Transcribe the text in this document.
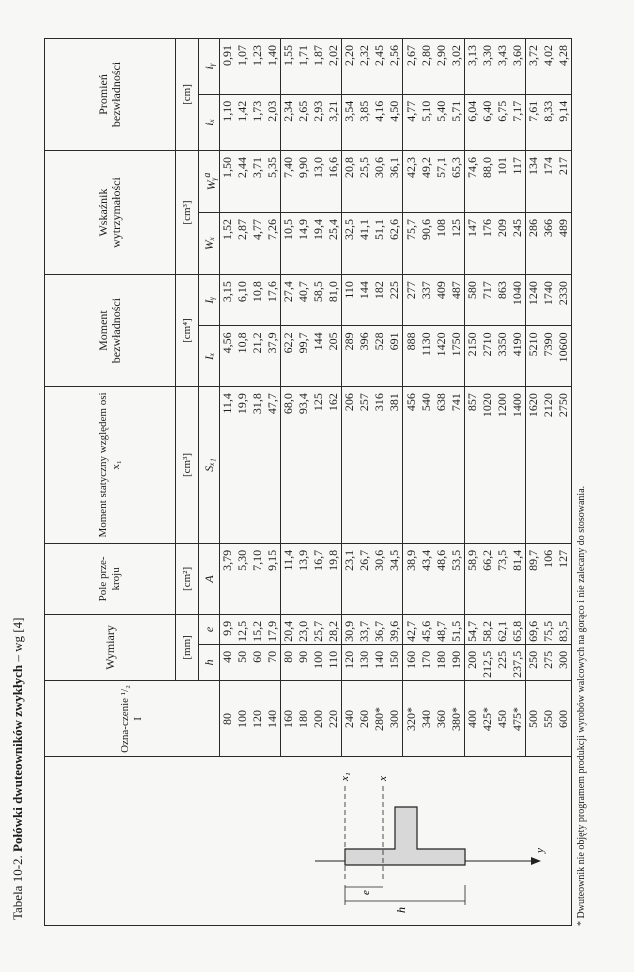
Tabela 10-2. Połówki dwuteowników zwykłych – wg [4]
h
x₁ x
e
y
Ozna-czenie ¹/₂ I	Wymiary		Pole prze-kroju	Moment statyczny względem osi x₁	Moment bezwładności		Wskaźnik wytrzymałości		Promień bezwładności	
	[mm]		[cm²]	[cm³]	[cm⁴]		[cm³]		[cm]	
	h	e	A	Sₓ₁	Iₓ	Iᵧ	Wₓ	Wᵧ$^a$	iₓ	iᵧ
80	40	9,9	3,79	11,4	4,56	3,15	1,52	1,50	1,10	0,91
100	50	12,5	5,30	19,9	10,8	6,10	2,87	2,44	1,42	1,07
120	60	15,2	7,10	31,8	21,2	10,8	4,77	3,71	1,73	1,23
140	70	17,9	9,15	47,7	37,9	17,6	7,26	5,35	2,03	1,40
160	80	20,4	11,4	68,0	62,2	27,4	10,5	7,40	2,34	1,55
180	90	23,0	13,9	93,4	99,7	40,7	14,9	9,90	2,65	1,71
200	100	25,7	16,7	125	144	58,5	19,4	13,0	2,93	1,87
220	110	28,2	19,8	162	205	81,0	25,4	16,6	3,21	2,02
240	120	30,9	23,1	206	289	110	32,5	20,8	3,54	2,20
260	130	33,7	26,7	257	396	144	41,1	25,5	3,85	2,32
280*	140	36,7	30,6	316	528	182	51,1	30,6	4,16	2,45
300	150	39,6	34,5	381	691	225	62,6	36,1	4,50	2,56
320*	160	42,7	38,9	456	888	277	75,7	42,3	4,77	2,67
340	170	45,6	43,4	540	1130	337	90,6	49,2	5,10	2,80
360	180	48,7	48,6	638	1420	409	108	57,1	5,40	2,90
380*	190	51,5	53,5	741	1750	487	125	65,3	5,71	3,02
400	200	54,7	58,9	857	2150	580	147	74,6	6,04	3,13
425*	212,5	58,2	66,2	1020	2710	717	176	88,0	6,40	3,30
450	225	62,1	73,5	1200	3350	863	209	101	6,75	3,43
475*	237,5	65,8	81,4	1400	4190	1040	245	117	7,17	3,60
500	250	69,6	89,7	1620	5210	1240	286	134	7,61	3,72
550	275	75,5	106	2120	7390	1740	366	174	8,33	4,02
600	300	83,5	127	2750	10600	2330	489	217	9,14	4,28
* Dwuteownik nie objęty programem produkcji wyrobów walcowych na gorąco i nie zalecany do stosowania.
